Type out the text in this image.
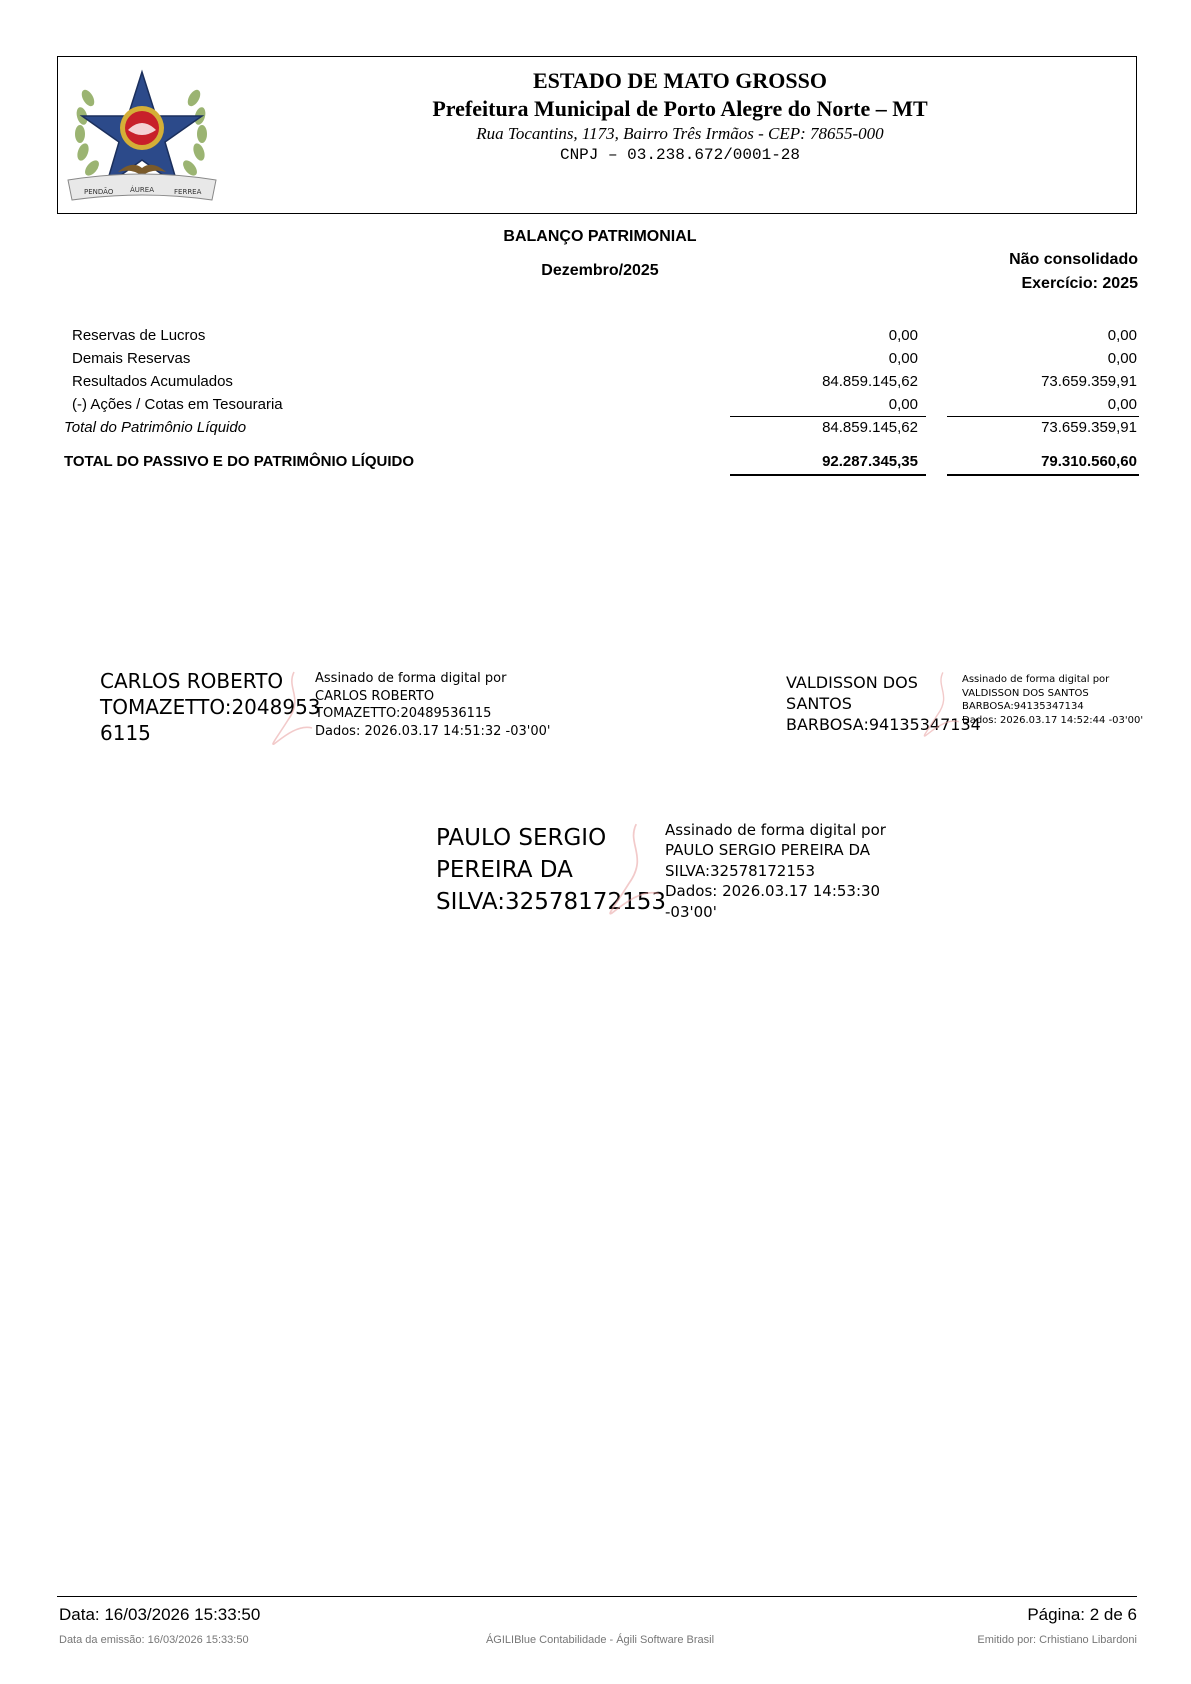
PENDÃO ÁUREA	FERREA
ESTADO DE MATO GROSSO
Prefeitura Municipal de Porto Alegre do Norte – MT
Rua Tocantins, 1173, Bairro Três Irmãos - CEP: 78655-000
CNPJ – 03.238.672/0001-28
BALANÇO PATRIMONIAL
Dezembro/2025
Não consolidado
Exercício: 2025
Reservas de Lucros	0,00	0,00
Demais Reservas	0,00	0,00
Resultados Acumulados	84.859.145,62	73.659.359,91
(-) Ações / Cotas em Tesouraria	0,00	0,00
Total do Patrimônio Líquido	84.859.145,62	73.659.359,91
TOTAL DO PASSIVO E DO PATRIMÔNIO LÍQUIDO	92.287.345,35	79.310.560,60
CARLOS ROBERTO
TOMAZETTO:2048953
6115
Assinado de forma digital por
CARLOS ROBERTO
TOMAZETTO:20489536115
Dados: 2026.03.17 14:51:32 -03'00'
VALDISSON DOS
SANTOS
BARBOSA:94135347134
Assinado de forma digital por
VALDISSON DOS SANTOS
BARBOSA:94135347134
Dados: 2026.03.17 14:52:44 -03'00'
PAULO SERGIO
PEREIRA DA
SILVA:32578172153
Assinado de forma digital por
PAULO SERGIO PEREIRA DA
SILVA:32578172153
Dados: 2026.03.17 14:53:30
-03'00'
Data: 16/03/2026 15:33:50	Página: 2 de 6
Data da emissão: 16/03/2026 15:33:50	ÁGILIBlue Contabilidade - Ágili Software Brasil	Emitido por: Crhistiano Libardoni
